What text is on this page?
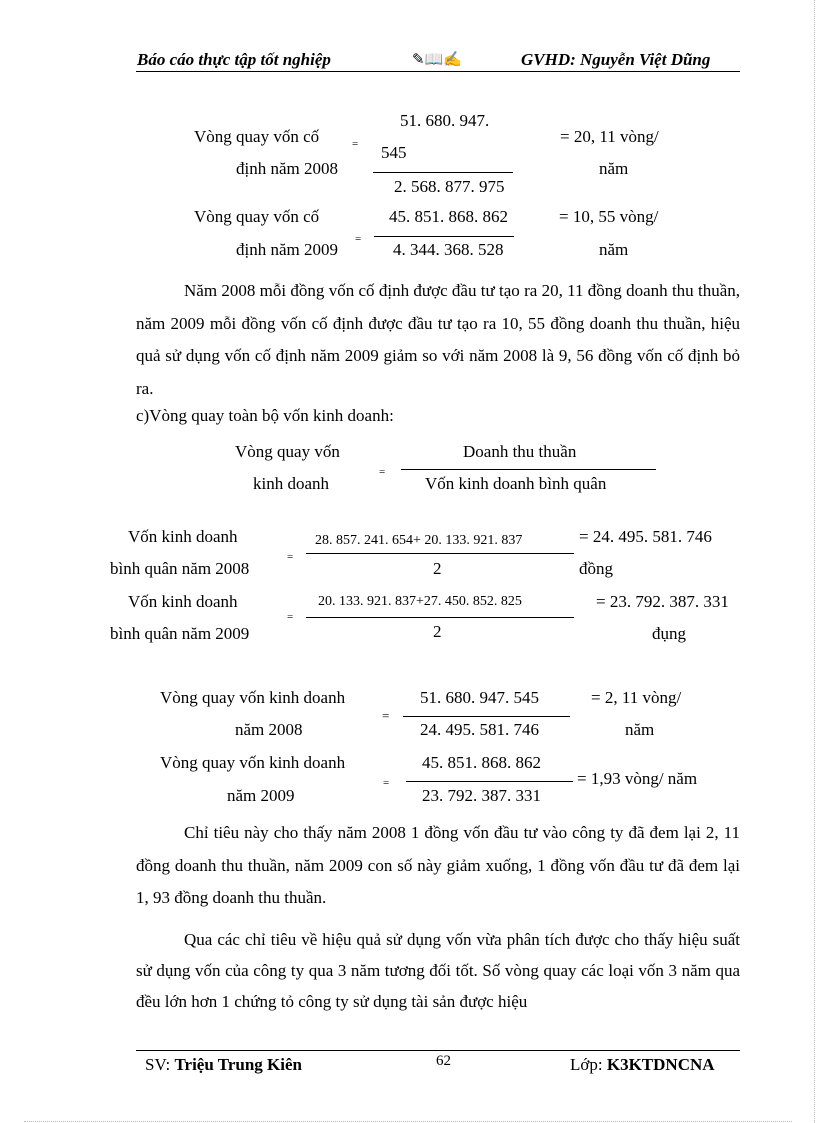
Báo cáo thực tập tốt nghiệp	✎📖✍	GVHD: Nguyễn Việt Dũng
Vòng quay vốn cố
định năm 2008
=
51. 680. 947.
545
2. 568. 877. 975
= 20, 11 vòng/
năm
Vòng quay vốn cố
định năm 2009
=
45. 851. 868. 862
4. 344. 368. 528
= 10, 55 vòng/
năm

Năm 2008 mỗi đồng vốn cố định được đầu tư tạo ra 20, 11 đồng doanh thu thuần, năm 2009 mỗi đồng vốn cố định được đầu tư tạo ra 10, 55 đồng doanh thu thuần, hiệu quả sử dụng vốn cố định năm 2009 giảm so với năm 2008 là 9, 56 đồng vốn cố định bỏ ra.

c)Vòng quay toàn bộ vốn kinh doanh:
Vòng quay vốn
kinh doanh
=
Doanh thu thuần
Vốn kinh doanh bình quân
Vốn kinh doanh
bình quân năm 2008
=
28. 857. 241. 654+ 20. 133. 921. 837
2
= 24. 495. 581. 746
đồng
Vốn kinh doanh
bình quân năm 2009
=
20. 133. 921. 837+27. 450. 852. 825
2
= 23. 792. 387. 331
đụng
Vòng quay vốn kinh doanh
năm 2008
=
51. 680. 947. 545
24. 495. 581. 746
= 2, 11 vòng/
năm
Vòng quay vốn kinh doanh
năm 2009
=
45. 851. 868. 862
23. 792. 387. 331
= 1,93 vòng/ năm

Chỉ tiêu này cho thấy năm 2008 1 đồng vốn đầu tư vào công ty đã đem lại 2, 11 đồng doanh thu thuần, năm 2009 con số này giảm xuống, 1 đồng vốn đầu tư đã đem lại 1, 93 đồng doanh thu thuần.

Qua các chỉ tiêu về hiệu quả sử dụng vốn vừa phân tích được cho thấy hiệu suất sử dụng vốn của công ty qua 3 năm tương đối tốt. Số vòng quay các loại vốn 3 năm qua đều lớn hơn 1 chứng tỏ công ty sử dụng tài sản được hiệu

SV: Triệu Trung Kiên	62	Lớp: K3KTDNCNA
